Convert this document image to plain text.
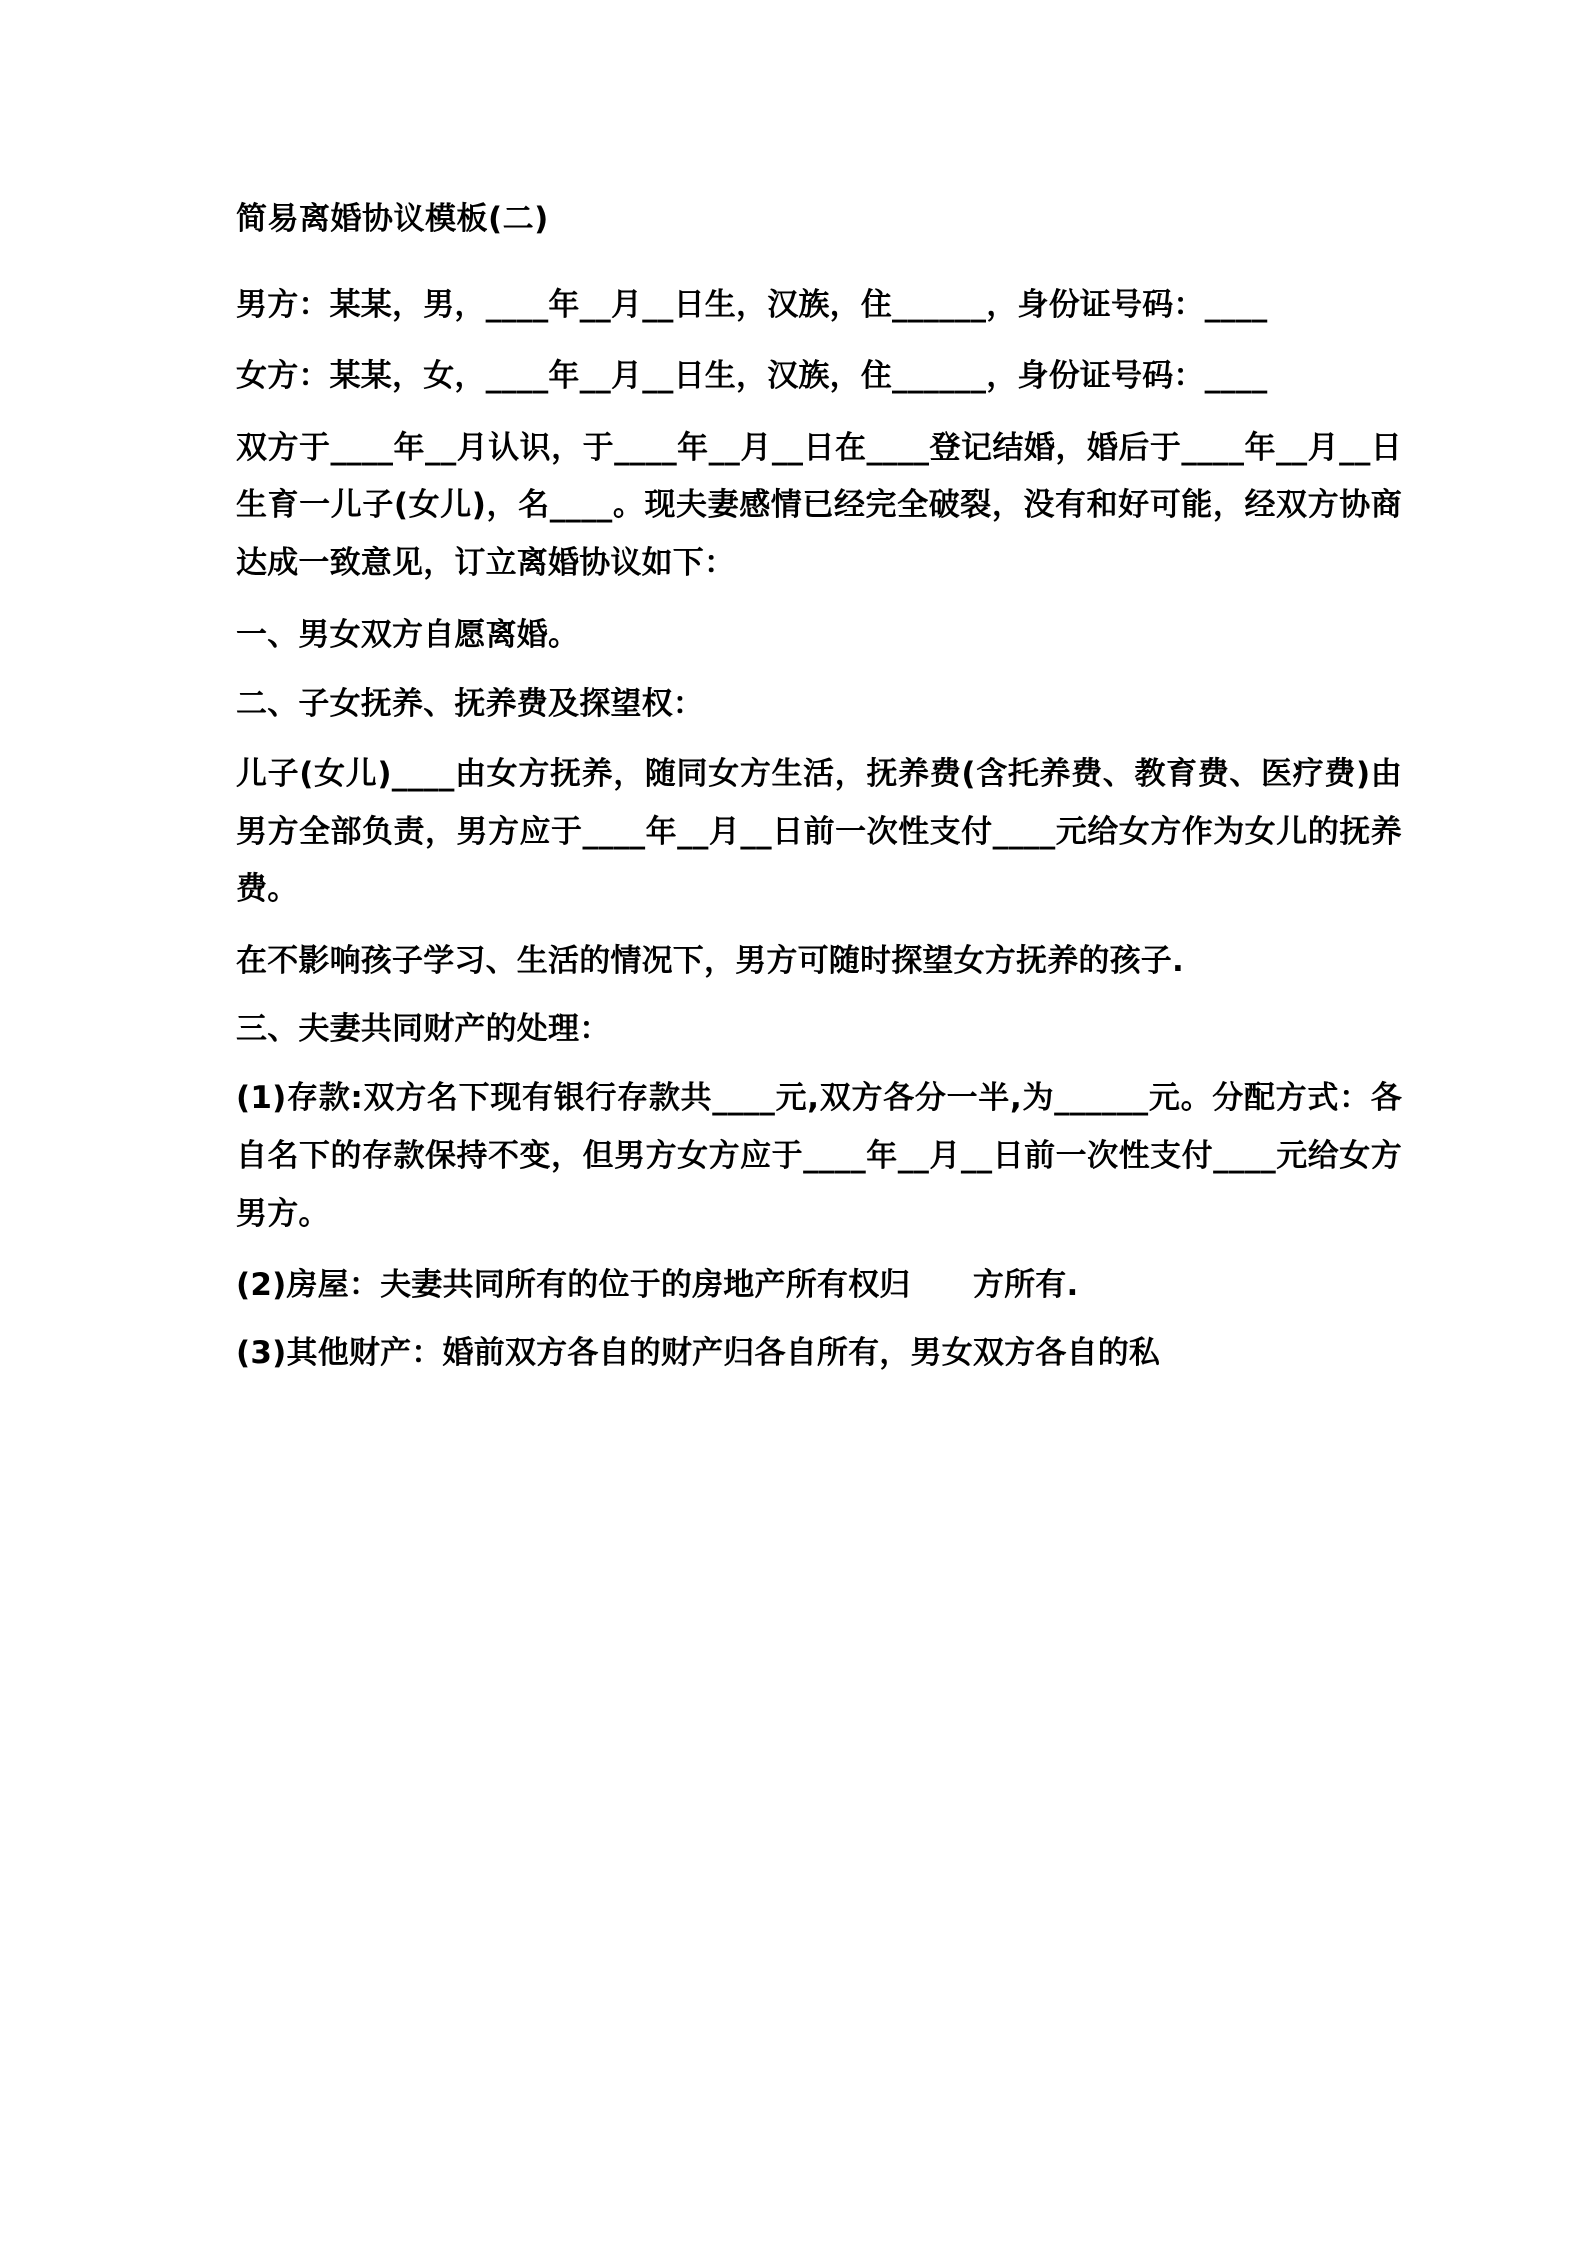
简易离婚协议模板(二)

男方：某某，男，____年__月__日生，汉族，住______，身份证号码：____

女方：某某，女，____年__月__日生，汉族，住______，身份证号码：____

双方于____年__月认识，于____年__月__日在____登记结婚，婚后于____年__月__日生育一儿子(女儿)，名____。现夫妻感情已经完全破裂，没有和好可能，经双方协商达成一致意见，订立离婚协议如下：

一、男女双方自愿离婚。

二、子女抚养、抚养费及探望权：

儿子(女儿)____由女方抚养，随同女方生活，抚养费(含托养费、教育费、医疗费)由男方全部负责，男方应于____年__月__日前一次性支付____元给女方作为女儿的抚养费。

在不影响孩子学习、生活的情况下，男方可随时探望女方抚养的孩子.

三、夫妻共同财产的处理：

(1)存款:双方名下现有银行存款共____元,双方各分一半,为______元。分配方式：各自名下的存款保持不变，但男方女方应于____年__月__日前一次性支付____元给女方男方。

(2)房屋：夫妻共同所有的位于的房地产所有权归　　方所有.

(3)其他财产：婚前双方各自的财产归各自所有，男女双方各自的私
